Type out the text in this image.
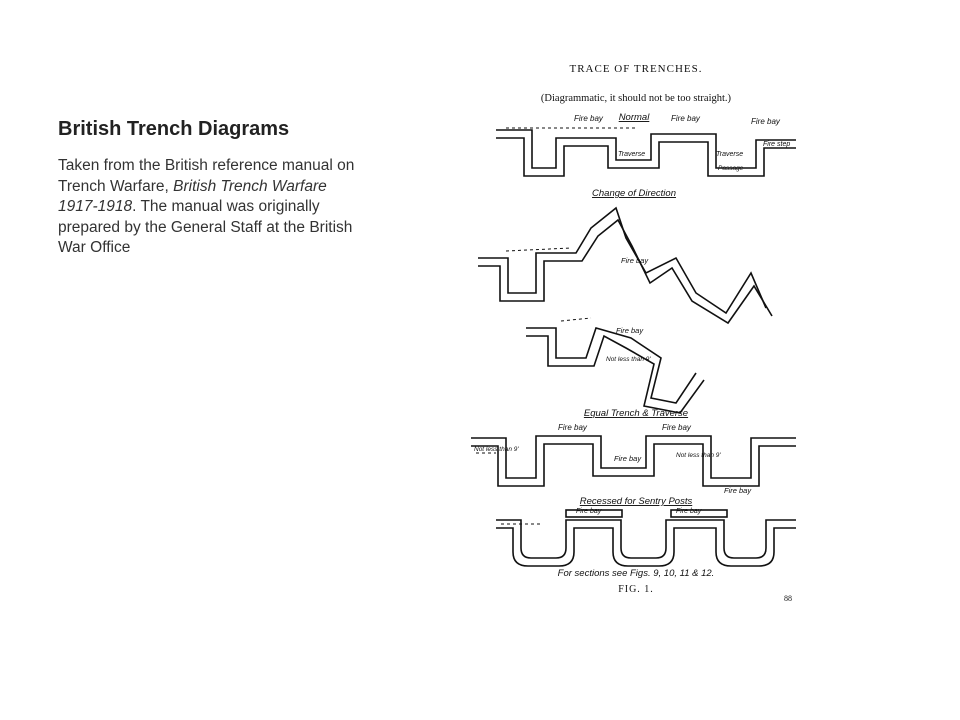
British Trench Diagrams

Taken from the British reference manual on Trench Warfare, British Trench Warfare 1917-1918. The manual was originally prepared by the General Staff at the British War Office

TRACE OF TRENCHES.
(Diagrammatic, it should not be too straight.)
Normal
Fire bay	Fire bay	Fire bay
Fire step
Traverse	Traverse
Passage
Change of Direction
Fire bay
Fire bay
Not less than 9'
Equal Trench & Traverse
Not less than 9'
Fire bay
Fire bay
Fire bay
Not less than 9'
Fire bay
Recessed for Sentry Posts
Fire bay	Fire bay
For sections see Figs. 9, 10, 11 & 12.
FIG. 1.
88
